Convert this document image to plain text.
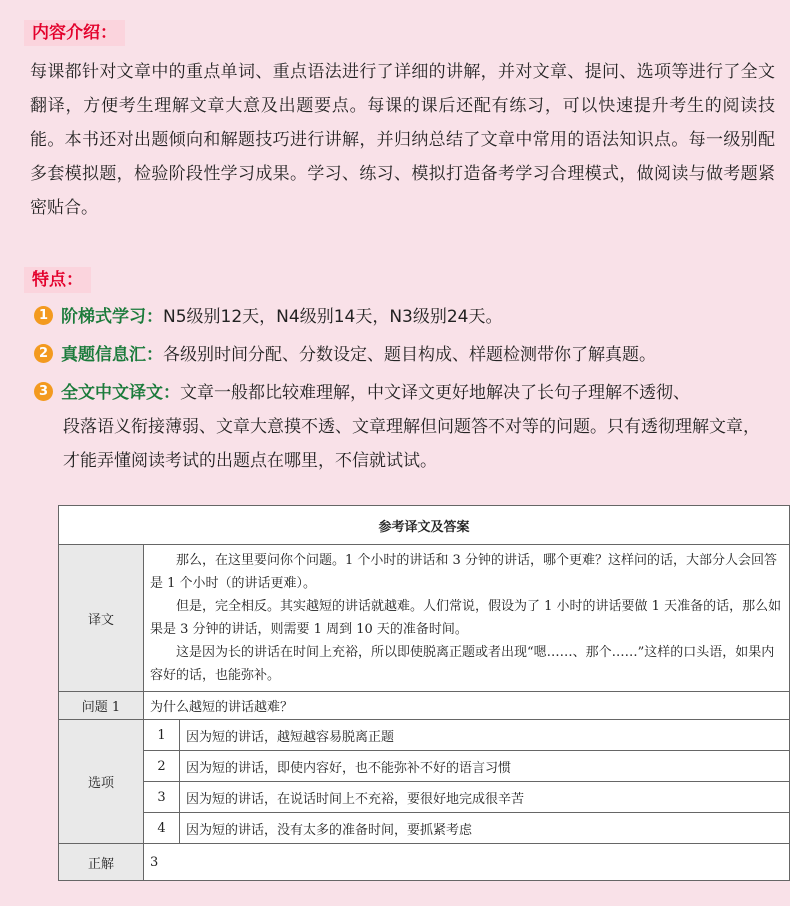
内容介绍：
每课都针对文章中的重点单词、重点语法进行了详细的讲解，并对文章、提问、选项等进行了全文翻译，方便考生理解文章大意及出题要点。每课的课后还配有练习，可以快速提升考生的阅读技能。本书还对出题倾向和解题技巧进行讲解，并归纳总结了文章中常用的语法知识点。每一级别配多套模拟题，检验阶段性学习成果。学习、练习、模拟打造备考学习合理模式，做阅读与做考题紧密贴合。
特点：
1 阶梯式学习：N5级别12天，N4级别14天，N3级别24天。
2 真题信息汇：各级别时间分配、分数设定、题目构成、样题检测带你了解真题。
3 全文中文译文：文章一般都比较难理解，中文译文更好地解决了长句子理解不透彻、
段落语义衔接薄弱、文章大意摸不透、文章理解但问题答不对等的问题。只有透彻理解文章，才能弄懂阅读考试的出题点在哪里，不信就试试。
参考译文及答案		
译文	那么，在这里要问你个问题。1 个小时的讲话和 3 分钟的讲话，哪个更难？这样问的话，大部分人会回答是 1 个小时（的讲话更难）。

但是，完全相反。其实越短的讲话就越难。人们常说，假设为了 1 小时的讲话要做 1 天准备的话，那么如果是 3 分钟的讲话，则需要 1 周到 10 天的准备时间。

这是因为长的讲话在时间上充裕，所以即使脱离正题或者出现“嗯……、那个……”这样的口头语，如果内容好的话，也能弥补。	

问题 1	为什么越短的讲话越难？	
选项	1	因为短的讲话，越短越容易脱离正题
	2	因为短的讲话，即使内容好，也不能弥补不好的语言习惯
	3	因为短的讲话，在说话时间上不充裕，要很好地完成很辛苦
	4	因为短的讲话，没有太多的准备时间，要抓紧考虑
正解	3	
